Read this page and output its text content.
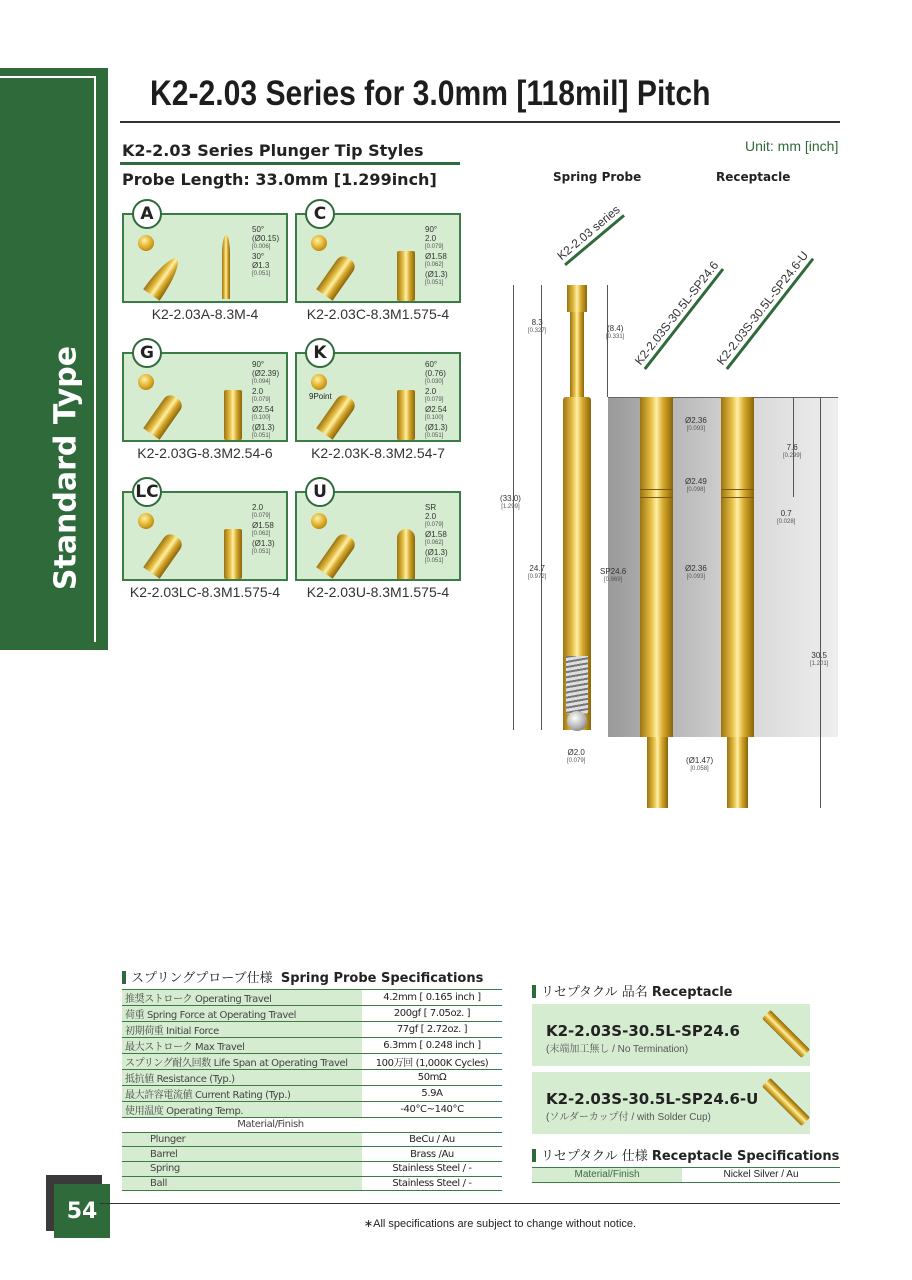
Standard Type
K2-2.03 Series for 3.0mm [118mil] Pitch
K2-2.03 Series Plunger Tip Styles
Probe Length: 33.0mm [1.299inch]
Unit: mm [inch]
A
50°
(Ø0.15)
[0.006]
30°
Ø1.3
[0.051]
K2-2.03A-8.3M-4
C
90°
2.0
[0.079]
Ø1.58
[0.062]
(Ø1.3)
[0.051]
K2-2.03C-8.3M1.575-4
G
90°
(Ø2.39)
[0.094]
2.0
[0.079]
Ø2.54
[0.100]
(Ø1.3)
[0.051]
K2-2.03G-8.3M2.54-6
K
9Point
60°
(0.76)
[0.030]
2.0
[0.079]
Ø2.54
[0.100]
(Ø1.3)
[0.051]
K2-2.03K-8.3M2.54-7
LC
2.0
[0.079]
Ø1.58
[0.062]
(Ø1.3)
[0.051]
K2-2.03LC-8.3M1.575-4
U
SR
2.0
[0.079]
Ø1.58
[0.062]
(Ø1.3)
[0.051]
K2-2.03U-8.3M1.575-4
Spring Probe	Receptacle
K2-2.03 series
K2-2.03S-30.5L-SP24.6
K2-2.03S-30.5L-SP24.6-U
8.3
[0.327]	(8.4)
[0.331]
(33.0)
[1.299]
24.7
[0.972]
SP24.6
[0.969]
Ø2.36
[0.093]
Ø2.49
[0.098]
Ø2.36
[0.093]
7.6
[0.299]
0.7
[0.028]
30.5
[1.201]
Ø2.0
[0.079]	(Ø1.47)
[0.058]
スプリングプローブ仕様 Spring Probe Specifications
推奨ストローク Operating Travel	4.2mm [ 0.165 inch ]
荷重 Spring Force at Operating Travel	200gf [ 7.05oz. ]
初期荷重 Initial Force	77gf [ 2.72oz. ]
最大ストローク Max Travel	6.3mm [ 0.248 inch ]
スプリング耐久回数 Life Span at Operating Travel	100万回 (1,000K Cycles)
抵抗値 Resistance (Typ.)	50mΩ
最大許容電流値 Current Rating (Typ.)	5.9A
使用温度 Operating Temp.	-40°C~140°C
Material/Finish	
Plunger	BeCu / Au
Barrel	Brass /Au
Spring	Stainless Steel / -
Ball	Stainless Steel / -
リセプタクル 品名 Receptacle
K2-2.03S-30.5L-SP24.6
(末端加工無し / No Termination)
K2-2.03S-30.5L-SP24.6-U
(ソルダーカップ付 / with Solder Cup)
リセプタクル 仕様 Receptacle Specifications
Material/Finish	Nickel Silver / Au
54
∗All specifications are subject to change without notice.
